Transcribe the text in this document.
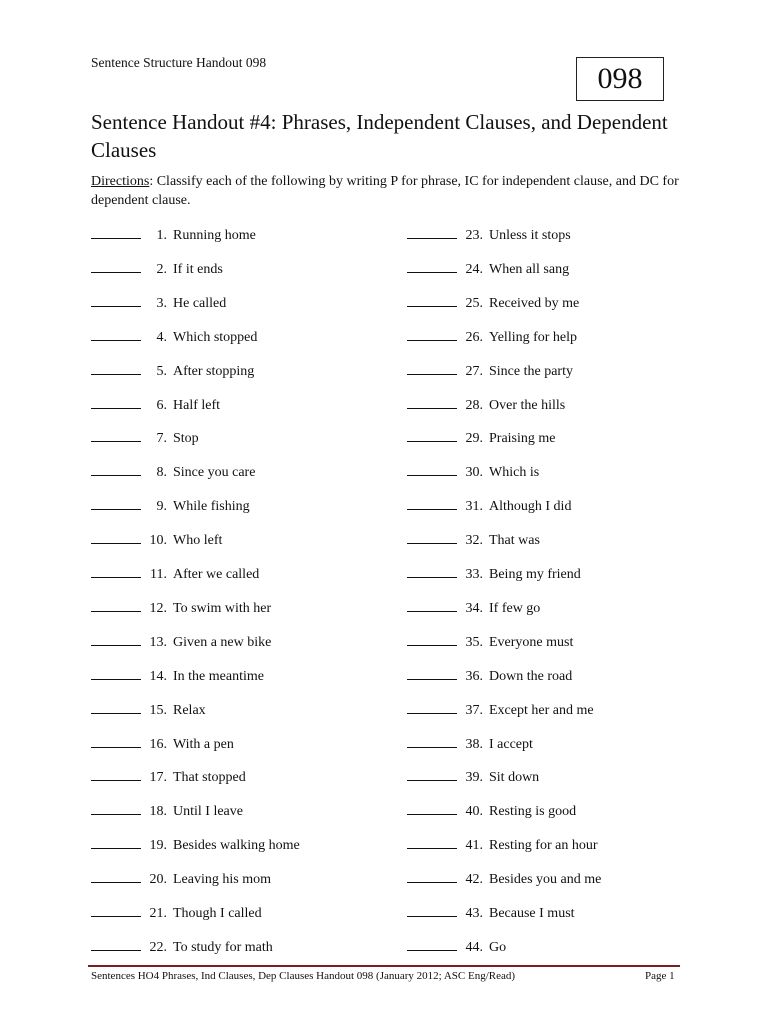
Sentence Structure Handout 098	098
Sentence Handout #4: Phrases, Independent Clauses, and Dependent Clauses
Directions: Classify each of the following by writing P for phrase, IC for independent clause, and DC for dependent clause.
1. Running home
2. If it ends
3. He called
4. Which stopped
5. After stopping
6. Half left
7. Stop
8. Since you care
9. While fishing
10. Who left
11. After we called
12. To swim with her
13. Given a new bike
14. In the meantime
15. Relax
16. With a pen
17. That stopped
18. Until I leave
19. Besides walking home
20. Leaving his mom
21. Though I called
22. To study for math
23. Unless it stops
24. When all sang
25. Received by me
26. Yelling for help
27. Since the party
28. Over the hills
29. Praising me
30. Which is
31. Although I did
32. That was
33. Being my friend
34. If few go
35. Everyone must
36. Down the road
37. Except her and me
38. I accept
39. Sit down
40. Resting is good
41. Resting for an hour
42. Besides you and me
43. Because I must
44. Go
Sentences HO4 Phrases, Ind Clauses, Dep Clauses Handout 098 (January 2012; ASC Eng/Read)	Page 1
